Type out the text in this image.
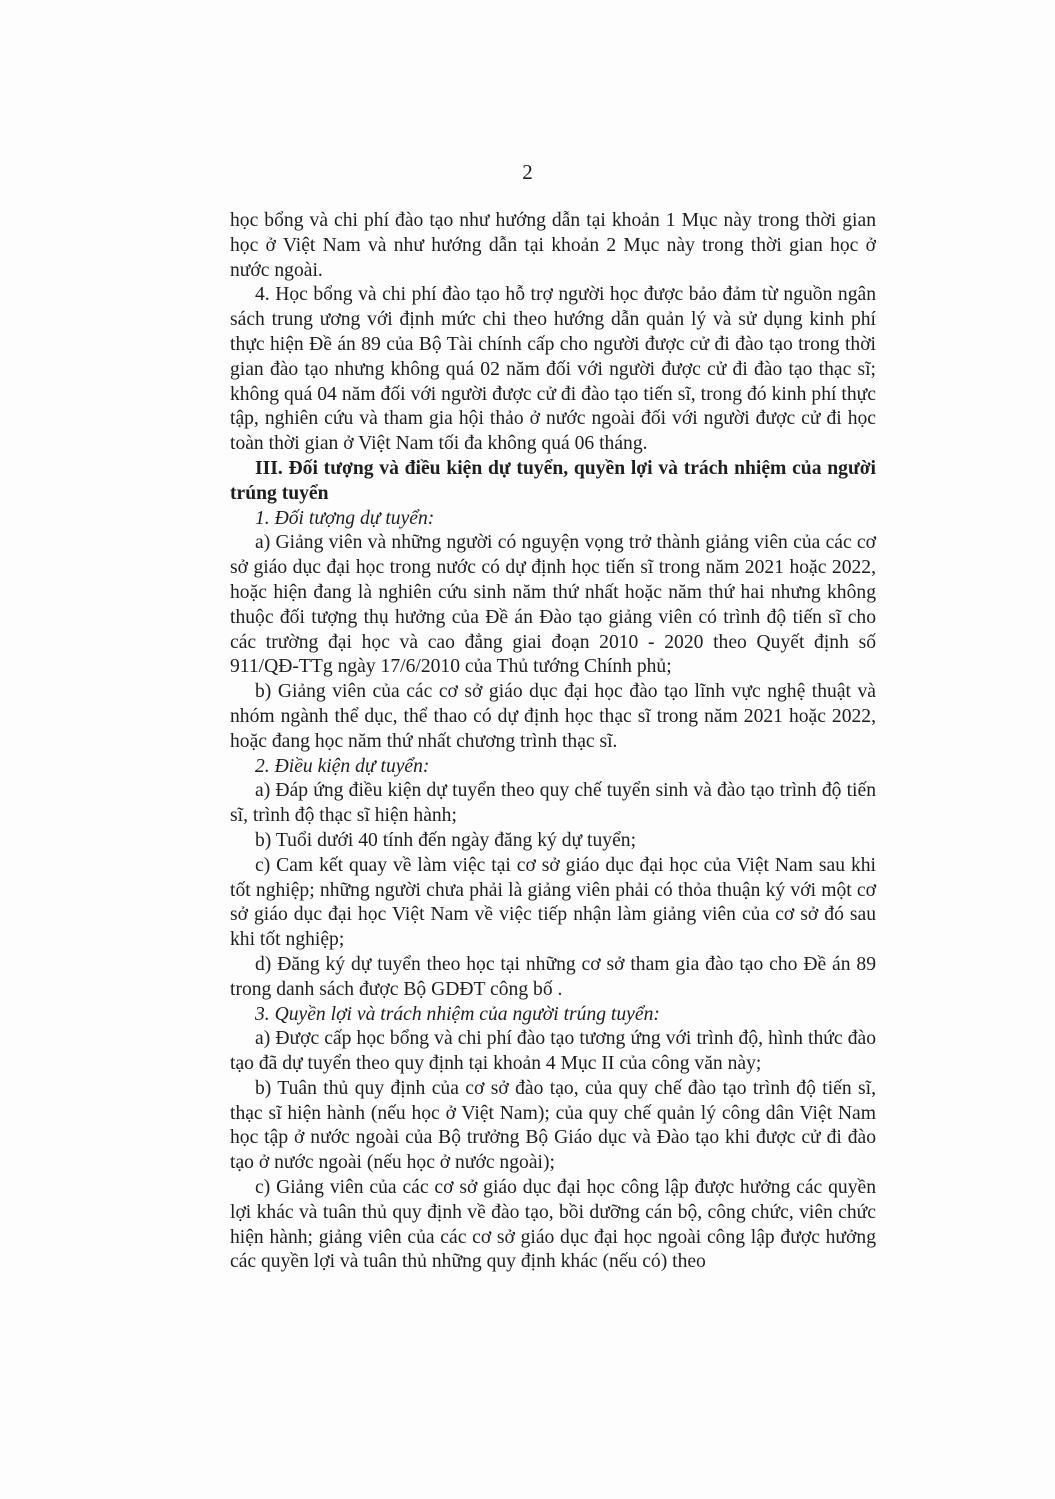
2

học bổng và chi phí đào tạo như hướng dẫn tại khoản 1 Mục này trong thời gian học ở Việt Nam và như hướng dẫn tại khoản 2 Mục này trong thời gian học ở nước ngoài.

4. Học bổng và chi phí đào tạo hỗ trợ người học được bảo đảm từ nguồn ngân sách trung ương với định mức chi theo hướng dẫn quản lý và sử dụng kinh phí thực hiện Đề án 89 của Bộ Tài chính cấp cho người được cử đi đào tạo trong thời gian đào tạo nhưng không quá 02 năm đối với người được cử đi đào tạo thạc sĩ; không quá 04 năm đối với người được cử đi đào tạo tiến sĩ, trong đó kinh phí thực tập, nghiên cứu và tham gia hội thảo ở nước ngoài đối với người được cử đi học toàn thời gian ở Việt Nam tối đa không quá 06 tháng.

III. Đối tượng và điều kiện dự tuyển, quyền lợi và trách nhiệm của người trúng tuyển

1. Đối tượng dự tuyển:

a) Giảng viên và những người có nguyện vọng trở thành giảng viên của các cơ sở giáo dục đại học trong nước có dự định học tiến sĩ trong năm 2021 hoặc 2022, hoặc hiện đang là nghiên cứu sinh năm thứ nhất hoặc năm thứ hai nhưng không thuộc đối tượng thụ hưởng của Đề án Đào tạo giảng viên có trình độ tiến sĩ cho các trường đại học và cao đẳng giai đoạn 2010 - 2020 theo Quyết định số 911/QĐ-TTg ngày 17/6/2010 của Thủ tướng Chính phủ;

b) Giảng viên của các cơ sở giáo dục đại học đào tạo lĩnh vực nghệ thuật và nhóm ngành thể dục, thể thao có dự định học thạc sĩ trong năm 2021 hoặc 2022, hoặc đang học năm thứ nhất chương trình thạc sĩ.

2. Điều kiện dự tuyển:

a) Đáp ứng điều kiện dự tuyển theo quy chế tuyển sinh và đào tạo trình độ tiến sĩ, trình độ thạc sĩ hiện hành;

b) Tuổi dưới 40 tính đến ngày đăng ký dự tuyển;

c) Cam kết quay về làm việc tại cơ sở giáo dục đại học của Việt Nam sau khi tốt nghiệp; những người chưa phải là giảng viên phải có thỏa thuận ký với một cơ sở giáo dục đại học Việt Nam về việc tiếp nhận làm giảng viên của cơ sở đó sau khi tốt nghiệp;

d) Đăng ký dự tuyển theo học tại những cơ sở tham gia đào tạo cho Đề án 89 trong danh sách được Bộ GDĐT công bố .

3. Quyền lợi và trách nhiệm của người trúng tuyển:

a) Được cấp học bổng và chi phí đào tạo tương ứng với trình độ, hình thức đào tạo đã dự tuyển theo quy định tại khoản 4 Mục II của công văn này;

b) Tuân thủ quy định của cơ sở đào tạo, của quy chế đào tạo trình độ tiến sĩ, thạc sĩ hiện hành (nếu học ở Việt Nam); của quy chế quản lý công dân Việt Nam học tập ở nước ngoài của Bộ trưởng Bộ Giáo dục và Đào tạo khi được cử đi đào tạo ở nước ngoài (nếu học ở nước ngoài);

c) Giảng viên của các cơ sở giáo dục đại học công lập được hưởng các quyền lợi khác và tuân thủ quy định về đào tạo, bồi dưỡng cán bộ, công chức, viên chức hiện hành; giảng viên của các cơ sở giáo dục đại học ngoài công lập được hưởng các quyền lợi và tuân thủ những quy định khác (nếu có) theo
